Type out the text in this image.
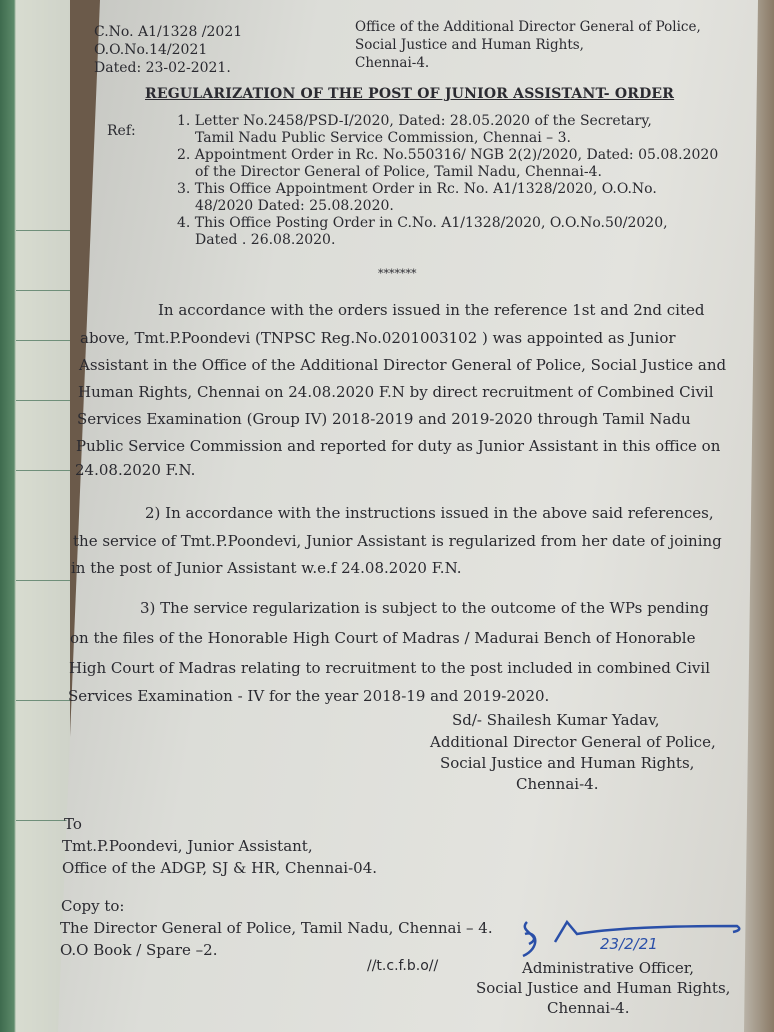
C.No. A1/1328 /2021
O.O.No.14/2021
Dated: 23-02-2021.
Office of the Additional Director General of Police,
Social Justice and Human Rights,
Chennai-4.
REGULARIZATION OF THE POST OF JUNIOR ASSISTANT- ORDER
Ref:
1. Letter No.2458/PSD-I/2020, Dated: 28.05.2020 of the Secretary,
Tamil Nadu Public Service Commission, Chennai – 3.
2. Appointment Order in Rc. No.550316/ NGB 2(2)/2020, Dated: 05.08.2020
of the Director General of Police, Tamil Nadu, Chennai-4.
3. This Office Appointment Order in Rc. No. A1/1328/2020, O.O.No.
48/2020 Dated: 25.08.2020.
4. This Office Posting Order in C.No. A1/1328/2020, O.O.No.50/2020,
Dated . 26.08.2020.
*******
In accordance with the orders issued in the reference 1st and 2nd cited
above, Tmt.P.Poondevi (TNPSC Reg.No.0201003102 ) was appointed as Junior
Assistant in the Office of the Additional Director General of Police, Social Justice and
Human Rights, Chennai on 24.08.2020 F.N by direct recruitment of Combined Civil
Services Examination (Group IV) 2018-2019 and 2019-2020 through Tamil Nadu
Public Service Commission and reported for duty as Junior Assistant in this office on
24.08.2020 F.N.
2) In accordance with the instructions issued in the above said references,
the service of Tmt.P.Poondevi, Junior Assistant is regularized from her date of joining
in the post of Junior Assistant w.e.f 24.08.2020 F.N.
3) The service regularization is subject to the outcome of the WPs pending
on the files of the Honorable High Court of Madras / Madurai Bench of Honorable
High Court of Madras relating to recruitment to the post included in combined Civil
Services Examination - IV for the year 2018-19 and 2019-2020.
Sd/- Shailesh Kumar Yadav,
Additional Director General of Police,
Social Justice and Human Rights,
Chennai-4.
To
Tmt.P.Poondevi, Junior Assistant,
Office of the ADGP, SJ & HR, Chennai-04.
Copy to:
The Director General of Police, Tamil Nadu, Chennai – 4.
O.O Book / Spare –2.
//t.c.f.b.o//
23/2/21
Administrative Officer,
Social Justice and Human Rights,
Chennai-4.
